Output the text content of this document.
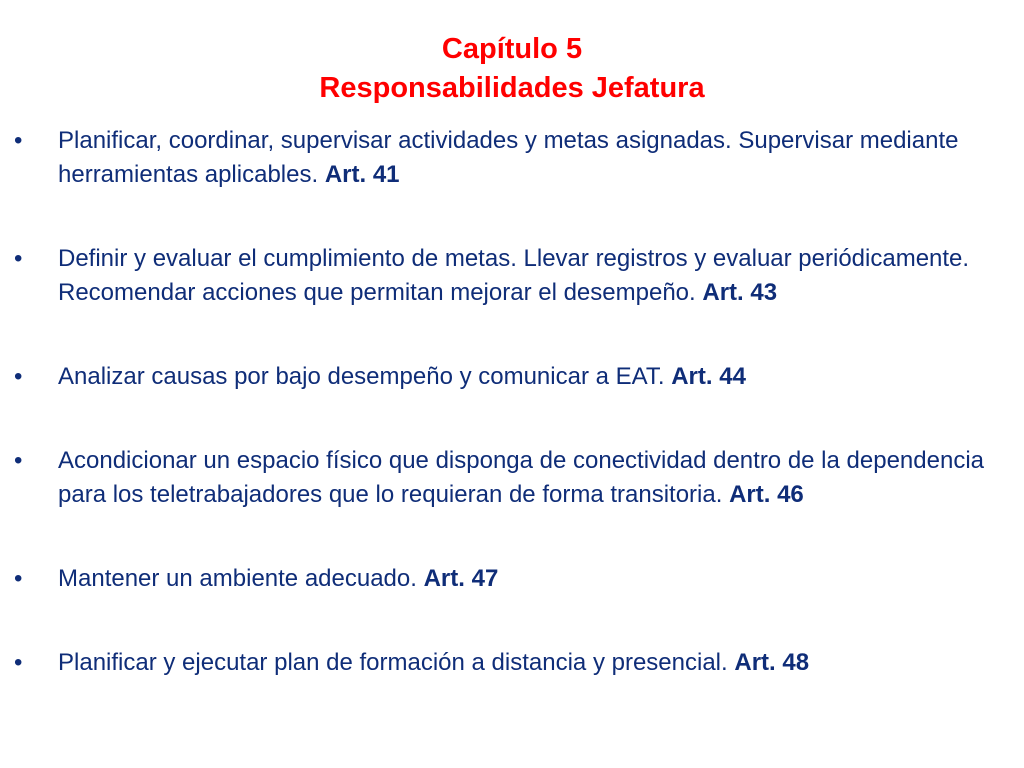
Capítulo 5
Responsabilidades Jefatura
•	Planificar, coordinar, supervisar actividades y metas asignadas. Supervisar mediante herramientas aplicables. Art. 41
•	Definir y evaluar el cumplimiento de metas. Llevar registros y evaluar periódicamente. Recomendar acciones que permitan mejorar el desempeño. Art. 43
•	Analizar causas por bajo desempeño y comunicar a EAT. Art. 44
•	Acondicionar un espacio físico que disponga de conectividad dentro de la dependencia para los teletrabajadores que lo requieran de forma transitoria. Art. 46
•	Mantener un ambiente adecuado. Art. 47
•	Planificar y ejecutar plan de formación a distancia y presencial. Art. 48
